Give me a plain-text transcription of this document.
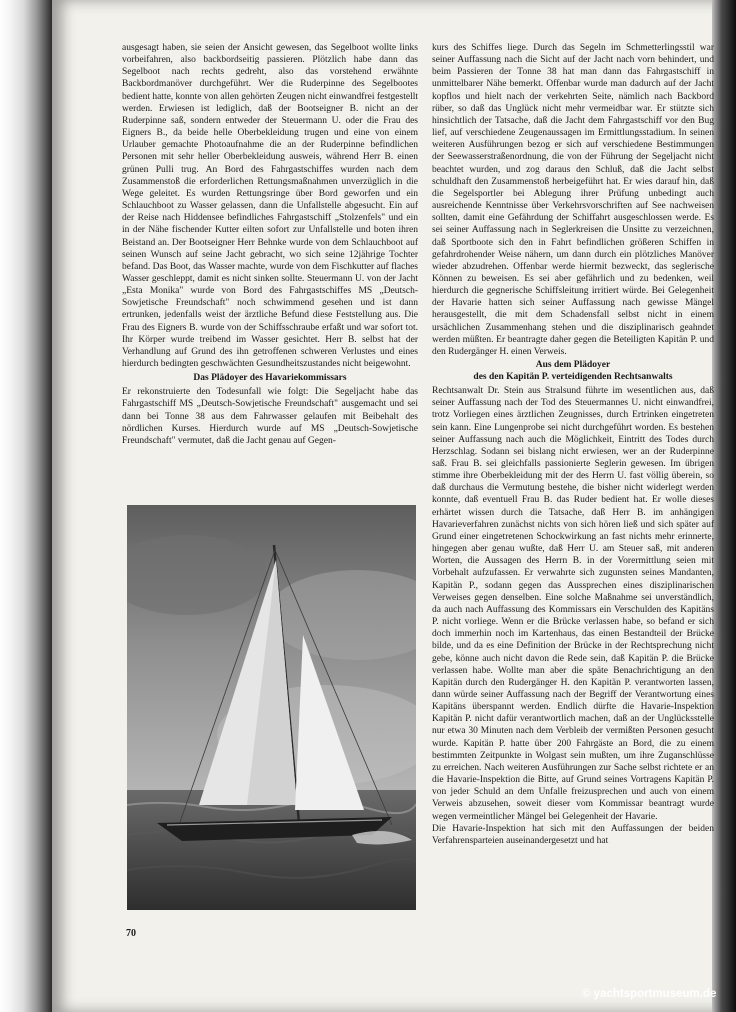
ausgesagt haben, sie seien der Ansicht gewesen, das Segelboot wollte links vorbeifahren, also backbordseitig passieren. Plötzlich habe dann das Segelboot nach rechts gedreht, also das vorstehend erwähnte Backbordmanöver durchgeführt. Wer die Ruderpinne des Segelbootes bedient hatte, konnte von allen gehörten Zeugen nicht einwandfrei festgestellt werden. Erwiesen ist lediglich, daß der Bootseigner B. nicht an der Ruderpinne saß, sondern entweder der Steuermann U. oder die Frau des Eigners B., da beide helle Oberbekleidung trugen und eine von einem Urlauber gemachte Photoaufnahme die an der Ruderpinne befindlichen Personen mit sehr heller Oberbekleidung ausweis, während Herr B. einen grünen Pulli trug. An Bord des Fahrgastschiffes wurden nach dem Zusammenstoß die erforderlichen Rettungsmaßnahmen unverzüglich in die Wege geleitet. Es wurden Rettungsringe über Bord geworfen und ein Schlauchboot zu Wasser gelassen, dann die Unfallstelle abgesucht. Ein auf der Reise nach Hiddensee befindliches Fahrgastschiff „Stolzenfels" und ein in der Nähe fischender Kutter eilten sofort zur Unfallstelle und boten ihren Beistand an. Der Bootseigner Herr Behnke wurde von dem Schlauchboot auf seinen Wunsch auf seine Jacht gebracht, wo sich seine 12jährige Tochter befand. Das Boot, das Wasser machte, wurde von dem Fischkutter auf flaches Wasser geschleppt, damit es nicht sinken sollte. Steuermann U. von der Jacht „Esta Monika" wurde von Bord des Fahrgastschiffes MS „Deutsch-Sowjetische Freundschaft" noch schwimmend gesehen und ist dann ertrunken, jedenfalls weist der ärztliche Befund diese Feststellung aus. Die Frau des Eigners B. wurde von der Schiffsschraube erfaßt und war sofort tot. Ihr Körper wurde treibend im Wasser gesichtet. Herr B. selbst hat der Verhandlung auf Grund des ihn getroffenen schweren Verlustes und eines hierdurch bedingten geschwächten Gesundheitszustandes nicht beigewohnt.

Das Plädoyer des Havariekommissars

Er rekonstruierte den Todesunfall wie folgt: Die Segeljacht habe das Fahrgastschiff MS „Deutsch-Sowjetische Freundschaft" ausgemacht und sei dann bei Tonne 38 aus dem Fahrwasser gelaufen mit Beibehalt des nördlichen Kurses. Hierdurch wurde auf MS „Deutsch-Sowjetische Freundschaft" vermutet, daß die Jacht genau auf Gegen-

kurs des Schiffes liege. Durch das Segeln im Schmetterlingsstil war seiner Auffassung nach die Sicht auf der Jacht nach vorn behindert, und beim Passieren der Tonne 38 hat man dann das Fahrgastschiff in unmittelbarer Nähe bemerkt. Offenbar wurde man dadurch auf der Jacht kopflos und hielt nach der verkehrten Seite, nämlich nach Backbord rüber, so daß das Unglück nicht mehr vermeidbar war. Er stützte sich hinsichtlich der Tatsache, daß die Jacht dem Fahrgastschiff vor den Bug lief, auf verschiedene Zeugenaussagen im Ermittlungsstadium. In seinen weiteren Ausführungen bezog er sich auf verschiedene Bestimmungen der Seewasserstraßenordnung, die von der Führung der Segeljacht nicht beachtet wurden, und zog daraus den Schluß, daß die Jacht selbst schuldhaft den Zusammenstoß herbeigeführt hat. Er wies darauf hin, daß die Segelsportler bei Ablegung ihrer Prüfung unbedingt auch ausreichende Kenntnisse über Verkehrsvorschriften auf See nachweisen sollten, damit eine Gefährdung der Schiffahrt ausgeschlossen werde. Es sei seiner Auffassung nach in Seglerkreisen die Unsitte zu verzeichnen, daß Sportboote sich den in Fahrt befindlichen größeren Schiffen in gefahrdrohender Weise nähern, um dann durch ein plötzliches Manöver wieder abzudrehen. Offenbar werde hiermit bezweckt, das seglerische Können zu beweisen. Es sei aber gefährlich und zu bedenken, weil hierdurch die gegnerische Schiffsleitung irritiert würde. Bei Gelegenheit der Havarie hatten sich seiner Auffassung nach gewisse Mängel herausgestellt, die mit dem Schadensfall selbst nicht in einem ursächlichen Zusammenhang stehen und die disziplinarisch geahndet werden müßten. Er beantragte daher gegen die Beteiligten Kapitän P. und den Rudergänger H. einen Verweis.

Aus dem Plädoyer
des den Kapitän P. verteidigenden Rechtsanwalts

Rechtsanwalt Dr. Stein aus Stralsund führte im wesentlichen aus, daß seiner Auffassung nach der Tod des Steuermannes U. nicht einwandfrei, trotz Vorliegen eines ärztlichen Zeugnisses, durch Ertrinken eingetreten sein kann. Eine Lungenprobe sei nicht durchgeführt worden. Es bestehen seiner Auffassung nach auch die Möglichkeit, Eintritt des Todes durch Herzschlag. Sodann sei bislang nicht erwiesen, wer an der Ruderpinne saß. Frau B. sei gleichfalls passionierte Seglerin gewesen. Im übrigen stimme ihre Oberbekleidung mit der des Herrn U. fast völlig überein, so daß durchaus die Vermutung bestehe, die bisher nicht widerlegt werden konnte, daß eventuell Frau B. das Ruder bedient hat. Er wolle dieses erhärtet wissen durch die Tatsache, daß Herr B. im anhängigen Havarieverfahren zunächst nichts von sich hören ließ und sich später auf Grund einer eingetretenen Schockwirkung an fast nichts mehr erinnerte, hingegen aber genau wußte, daß Herr U. am Steuer saß, mit anderen Worten, die Aussagen des Herrn B. in der Vorermittlung seien mit Vorbehalt aufzufassen. Er verwahrte sich zugunsten seines Mandanten, Kapitän P., sodann gegen das Aussprechen eines disziplinarischen Verweises gegen denselben. Eine solche Maßnahme sei unverständlich, da auch nach Auffassung des Kommissars ein Verschulden des Kapitäns P. nicht vorliege. Wenn er die Brücke verlassen habe, so befand er sich doch immerhin noch im Kartenhaus, das einen Bestandteil der Brücke bilde, und da es eine Definition der Brücke in der Rechtsprechung nicht gebe, könne auch nicht davon die Rede sein, daß Kapitän P. die Brücke verlassen habe. Wollte man aber die späte Benachrichtigung an den Kapitän durch den Rudergänger H. den Kapitän P. verantworten lassen, dann würde seiner Auffassung nach der Begriff der Verantwortung eines Kapitäns überspannt werden. Endlich dürfte die Havarie-Inspektion Kapitän P. nicht dafür verantwortlich machen, daß an der Unglücksstelle nur etwa 30 Minuten nach dem Verbleib der vermißten Personen gesucht wurde. Kapitän P. hatte über 200 Fahrgäste an Bord, die zu einem bestimmten Zeitpunkte in Wolgast sein mußten, um ihre Zuganschlüsse zu erreichen. Nach weiteren Ausführungen zur Sache selbst richtete er an die Havarie-Inspektion die Bitte, auf Grund seines Vortragens Kapitän P. von jeder Schuld an dem Unfalle freizusprechen und auch von einem Verweis abzusehen, soweit dieser vom Kommissar beantragt wurde wegen vermeintlicher Mängel bei Gelegenheit der Havarie.

Die Havarie-Inspektion hat sich mit den Auffassungen der beiden Verfahrensparteien auseinandergesetzt und hat

70
© yachtsportmuseum.de
